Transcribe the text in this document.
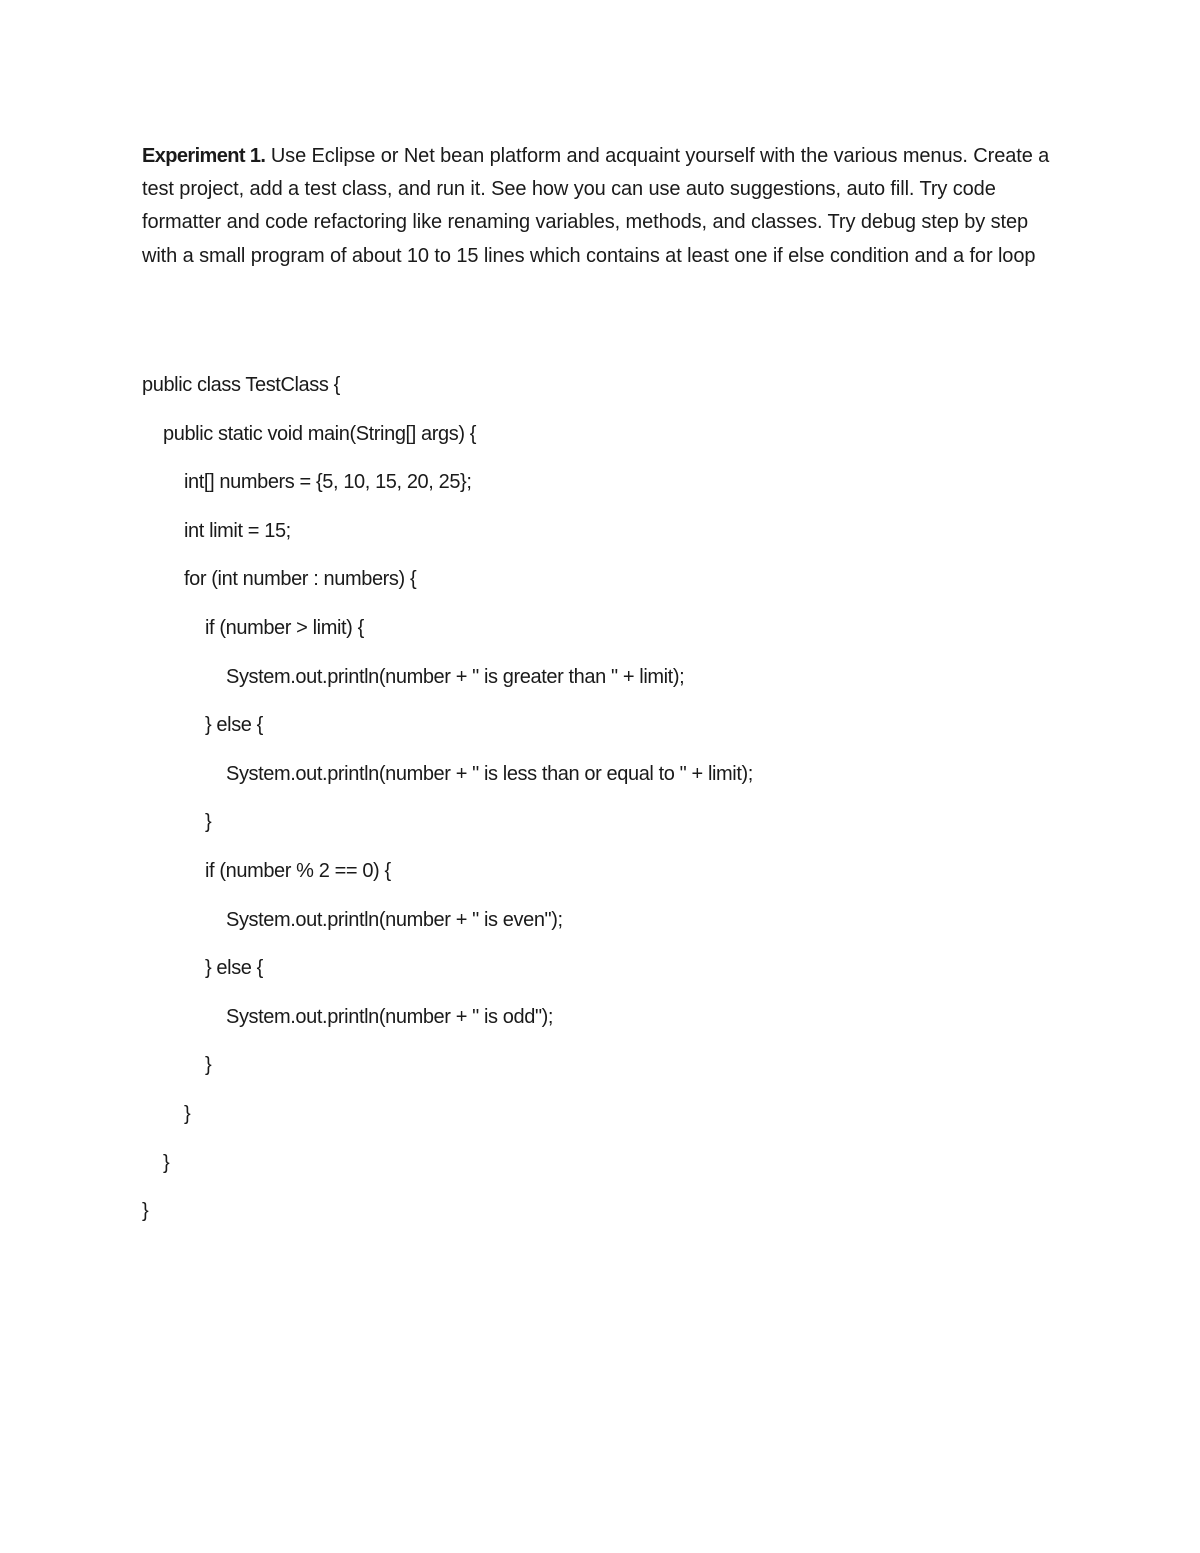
Experiment 1. Use Eclipse or Net bean platform and acquaint yourself with the various menus. Create a test project, add a test class, and run it. See how you can use auto suggestions, auto fill. Try code formatter and code refactoring like renaming variables, methods, and classes. Try debug step by step with a small program of about 10 to 15 lines which contains at least one if else condition and a for loop

public class TestClass {
public static void main(String[] args) {
int[] numbers = {5, 10, 15, 20, 25};
int limit = 15;
for (int number : numbers) {
if (number > limit) {
System.out.println(number + " is greater than " + limit);
} else {
System.out.println(number + " is less than or equal to " + limit);
}
if (number % 2 == 0) {
System.out.println(number + " is even");
} else {
System.out.println(number + " is odd");
}
}
}
}
